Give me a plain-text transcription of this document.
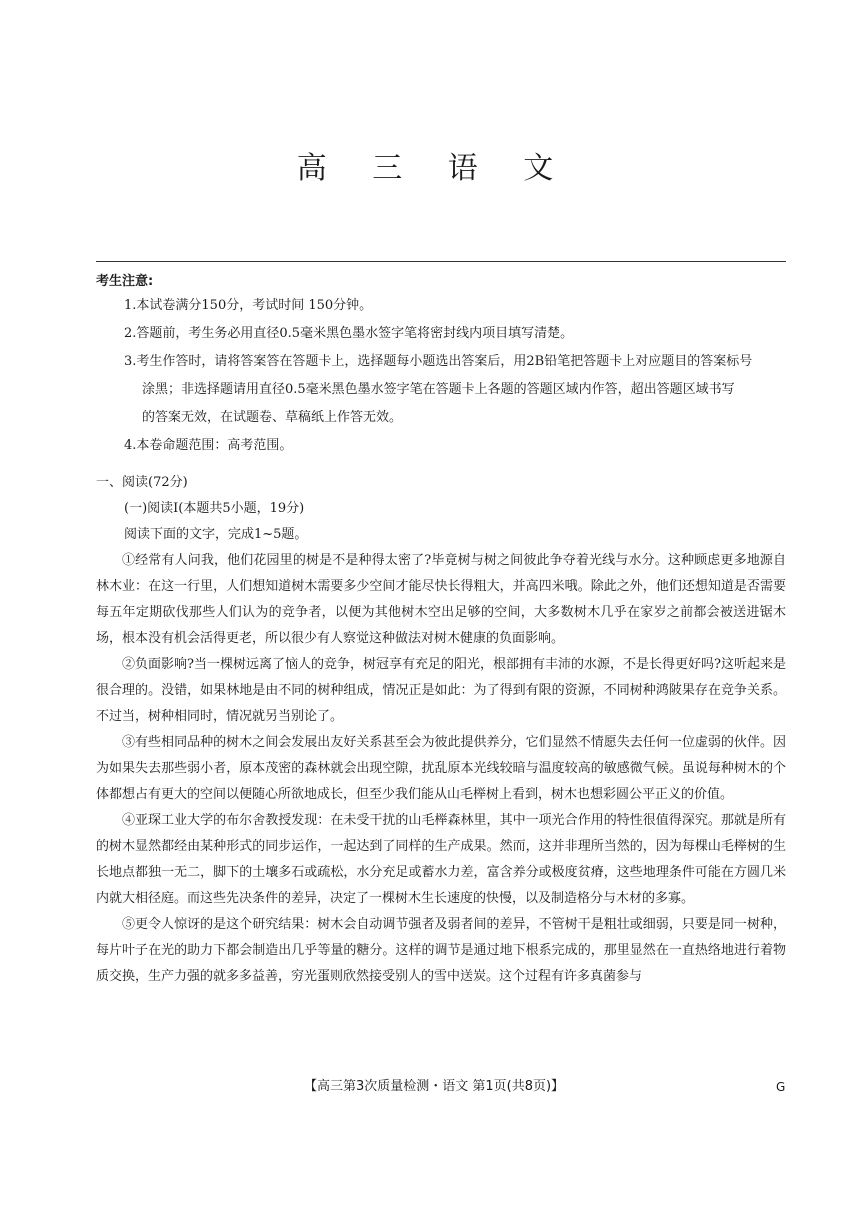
高 三 语 文
考生注意:
1.本试卷满分150分，考试时间 150分钟。
2.答题前，考生务必用直径0.5毫米黑色墨水签字笔将密封线内项目填写清楚。
3.考生作答时，请将答案答在答题卡上，选择题每小题选出答案后，用2B铅笔把答题卡上对应题目的答案标号
涂黑；非选择题请用直径0.5毫米黑色墨水签字笔在答题卡上各题的答题区域内作答，超出答题区域书写
的答案无效，在试题卷、草稿纸上作答无效。
4.本卷命题范围：高考范围。
一、阅读(72分)
(一)阅读Ⅰ(本题共5小题，19分)
阅读下面的文字，完成1~5题。

①经常有人问我，他们花园里的树是不是种得太密了?毕竟树与树之间彼此争夺着光线与水分。这种顾虑更多地源自林木业：在这一行里，人们想知道树木需要多少空间才能尽快长得粗大，并高四米哦。除此之外，他们还想知道是否需要每五年定期砍伐那些人们认为的竞争者，以便为其他树木空出足够的空间，大多数树木几乎在家岁之前都会被送进锯木场，根本没有机会活得更老，所以很少有人察觉这种做法对树木健康的负面影响。

②负面影响?当一棵树远离了恼人的竞争，树冠享有充足的阳光，根部拥有丰沛的水源，不是长得更好吗?这听起来是很合理的。没错，如果林地是由不同的树种组成，情况正是如此：为了得到有限的资源，不同树种鸿陂果存在竞争关系。不过当，树种相同时，情况就另当别论了。

③有些相同品种的树木之间会发展出友好关系甚至会为彼此提供养分，它们显然不情愿失去任何一位虚弱的伙伴。因为如果失去那些弱小者，原本茂密的森林就会出现空隙，扰乱原本光线较暗与温度较高的敏感微气候。虽说每种树木的个体都想占有更大的空间以便随心所欲地成长，但至少我们能从山毛榉树上看到，树木也想彩圆公平正义的价值。

④亚琛工业大学的布尔舍教授发现：在未受干扰的山毛榉森林里，其中一项光合作用的特性很值得深究。那就是所有的树木显然都经由某种形式的同步运作，一起达到了同样的生产成果。然而，这并非理所当然的，因为每棵山毛榉树的生长地点都独一无二，脚下的土壤多石或疏松，水分充足或蓄水力差，富含养分或极度贫瘠，这些地理条件可能在方圆几米内就大相径庭。而这些先决条件的差异，决定了一棵树木生长速度的快慢，以及制造格分与木材的多寡。

⑤更令人惊讶的是这个研究结果：树木会自动调节强者及弱者间的差异，不管树干是粗壮或细弱，只要是同一树种，每片叶子在光的助力下都会制造出几乎等量的糖分。这样的调节是通过地下根系完成的，那里显然在一直热络地进行着物质交换，生产力强的就多多益善，穷光蛋则欣然接受别人的雪中送炭。这个过程有许多真菌参与

【高三第3次质量检测・语文 第1页(共8页)】	G
